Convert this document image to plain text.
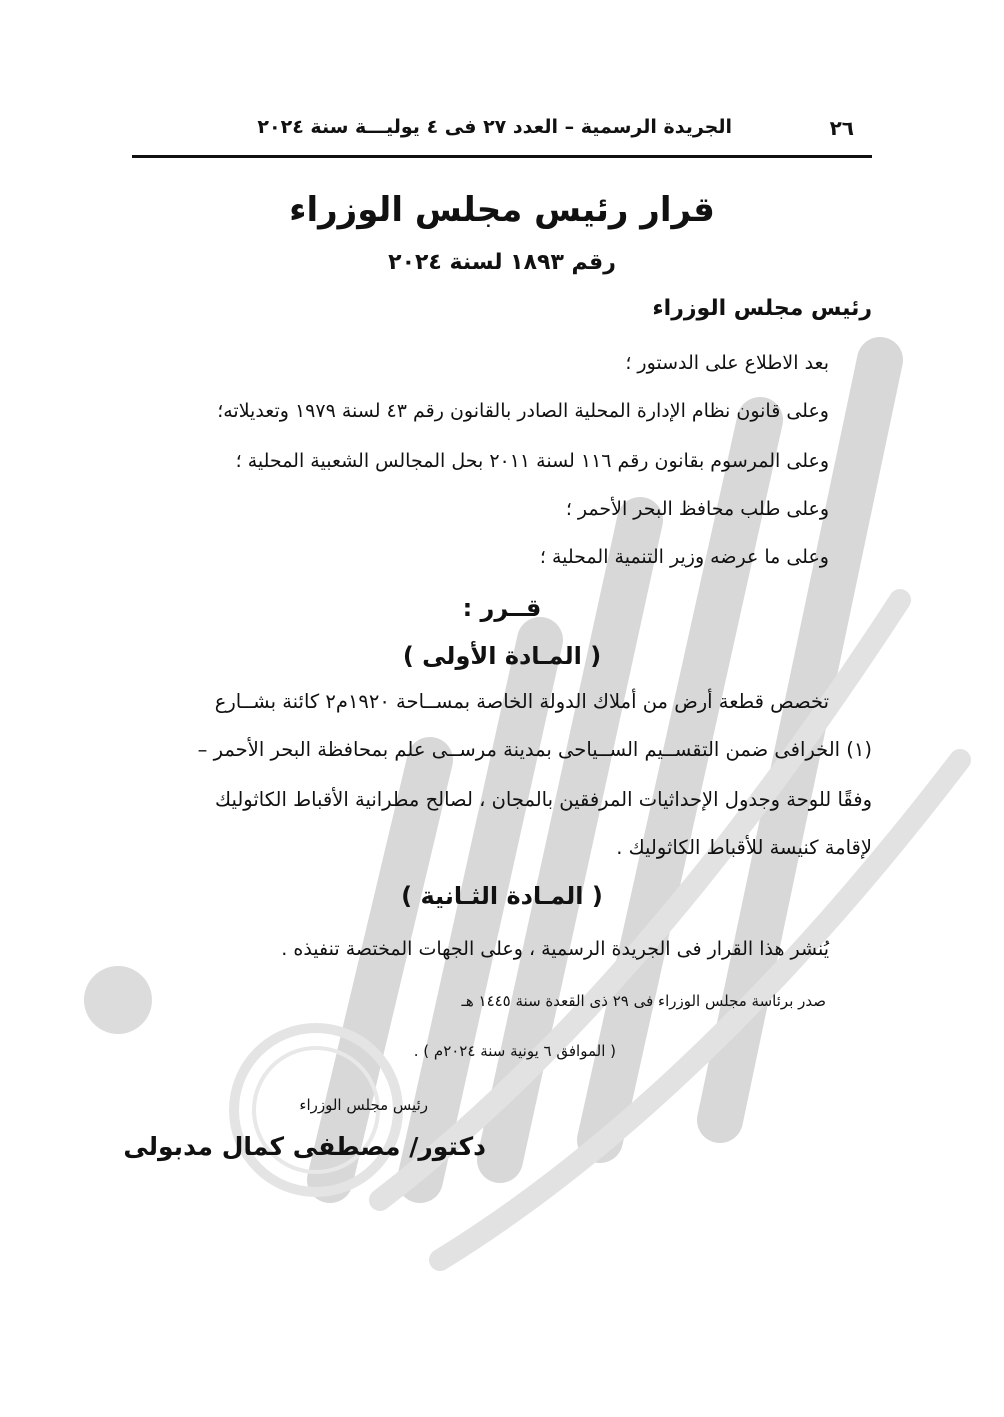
٢٦
الجريدة الرسمية – العدد ٢٧ فى ٤ يوليـــة سنة ٢٠٢٤
قرار رئيس مجلس الوزراء
رقم ١٨٩٣ لسنة ٢٠٢٤
رئيس مجلس الوزراء
بعد الاطلاع على الدستور ؛
وعلى قانون نظام الإدارة المحلية الصادر بالقانون رقم ٤٣ لسنة ١٩٧٩ وتعديلاته؛
وعلى المرسوم بقانون رقم ١١٦ لسنة ٢٠١١ بحل المجالس الشعبية المحلية ؛
وعلى طلب محافظ البحر الأحمر ؛
وعلى ما عرضه وزير التنمية المحلية ؛
قــرر :
( المـادة الأولى )
تخصص قطعة أرض من أملاك الدولة الخاصة بمســاحة ١٩٢٠م٢ كائنة بشــارع
(١) الخرافى ضمن التقســيم الســياحى بمدينة مرســى علم بمحافظة البحر الأحمر –
وفقًا للوحة وجدول الإحداثيات المرفقين بالمجان ، لصالح مطرانية الأقباط الكاثوليك
لإقامة كنيسة للأقباط الكاثوليك .
( المـادة الثـانية )
يُنشر هذا القرار فى الجريدة الرسمية ، وعلى الجهات المختصة تنفيذه .
صدر برئاسة مجلس الوزراء فى ٢٩ ذى القعدة سنة ١٤٤٥ هـ
( الموافق ٦ يونية سنة ٢٠٢٤م ) .
رئيس مجلس الوزراء
دكتور/ مصطفى كمال مدبولى
